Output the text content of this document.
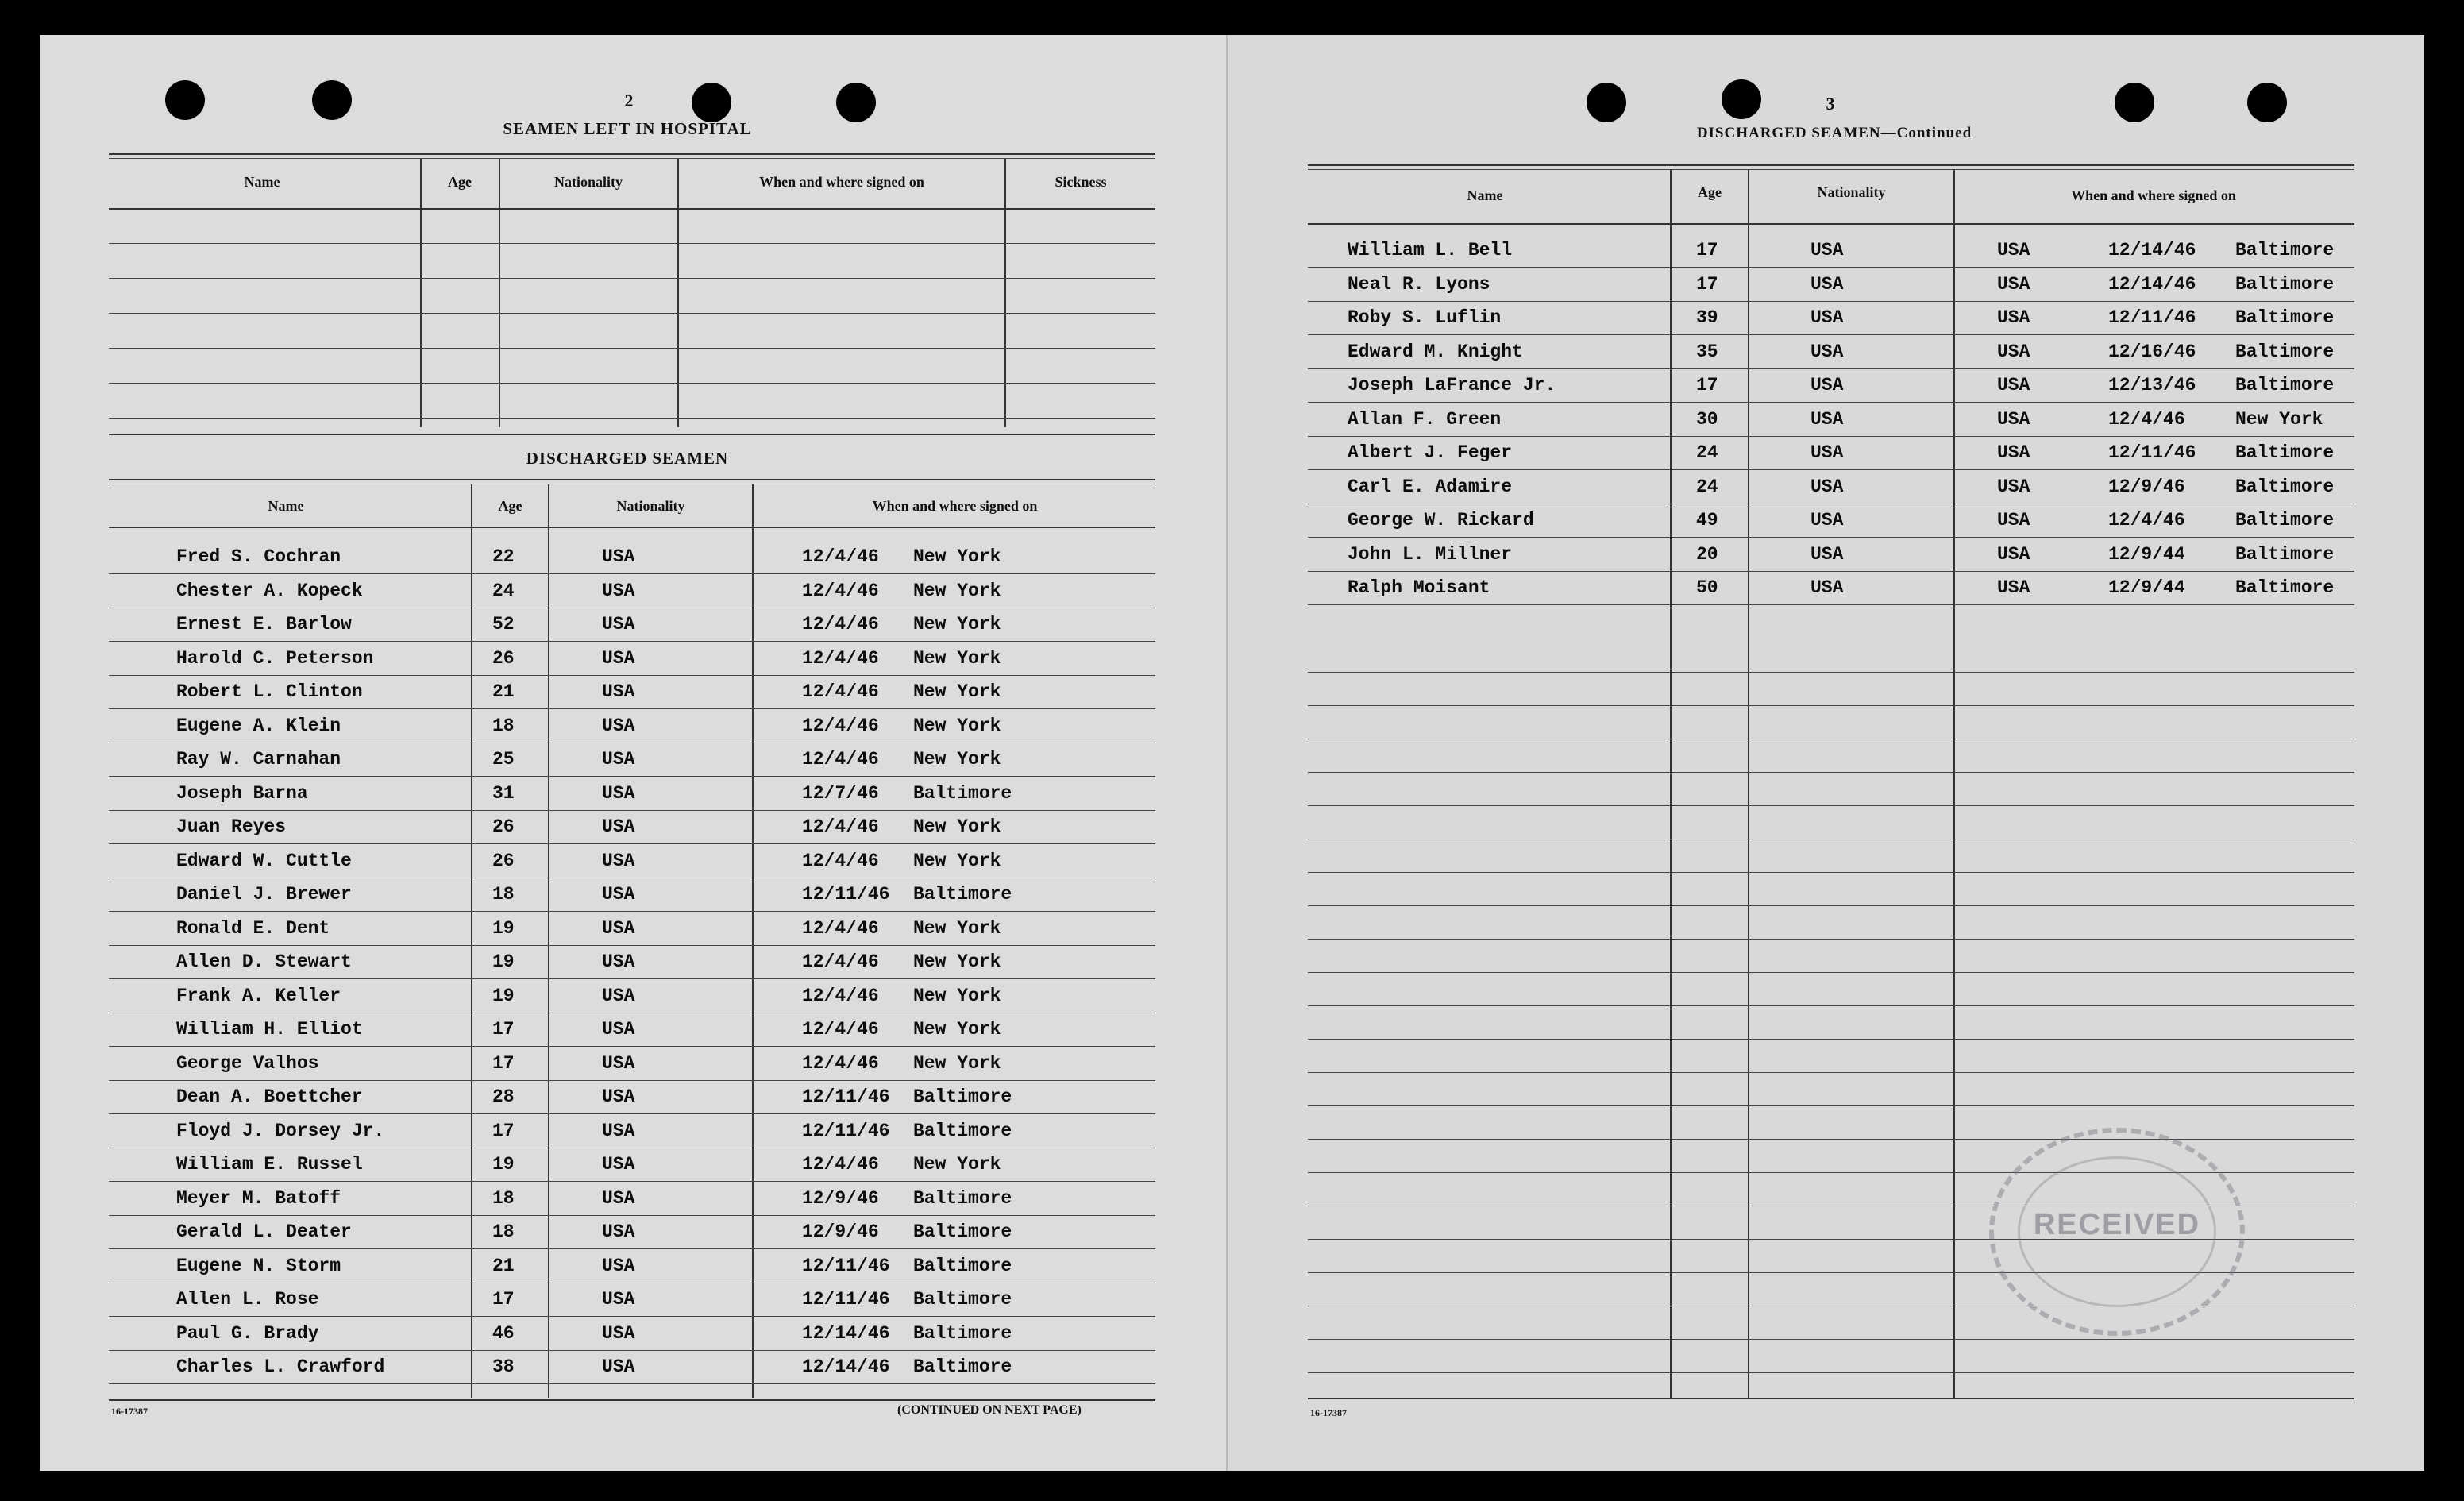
2
SEAMEN LEFT IN HOSPITAL
Name	Age	Nationality	When and where signed on	Sickness
DISCHARGED SEAMEN
Name	Age	Nationality	When and where signed on
Fred S. Cochran	22	USA	12/4/46 New York
Chester A. Kopeck	24	USA	12/4/46 New York
Ernest E. Barlow	52	USA	12/4/46 New York
Harold C. Peterson	26	USA	12/4/46 New York
Robert L. Clinton	21	USA	12/4/46 New York
Eugene A. Klein	18	USA	12/4/46 New York
Ray W. Carnahan	25	USA	12/4/46 New York
Joseph Barna	31	USA	12/7/46 Baltimore
Juan Reyes	26	USA	12/4/46 New York
Edward W. Cuttle	26	USA	12/4/46 New York
Daniel J. Brewer	18	USA	12/11/46 Baltimore
Ronald E. Dent	19	USA	12/4/46 New York
Allen D. Stewart	19	USA	12/4/46 New York
Frank A. Keller	19	USA	12/4/46 New York
William H. Elliot	17	USA	12/4/46 New York
George Valhos	17	USA	12/4/46 New York
Dean A. Boettcher	28	USA	12/11/46 Baltimore
Floyd J. Dorsey Jr.	17	USA	12/11/46 Baltimore
William E. Russel	19	USA	12/4/46 New York
Meyer M. Batoff	18	USA	12/9/46 Baltimore
Gerald L. Deater	18	USA	12/9/46 Baltimore
Eugene N. Storm	21	USA	12/11/46 Baltimore
Allen L. Rose	17	USA	12/11/46 Baltimore
Paul G. Brady	46	USA	12/14/46 Baltimore
Charles L. Crawford	38	USA	12/14/46 Baltimore
16-17387	(CONTINUED ON NEXT PAGE)
3
DISCHARGED SEAMEN—Continued
Name	Age	Nationality	When and where signed on
William L. Bell	17	USA	USA	12/14/46 Baltimore
Neal R. Lyons	17	USA	USA	12/14/46 Baltimore
Roby S. Luflin	39	USA	USA	12/11/46 Baltimore
Edward M. Knight	35	USA	USA	12/16/46 Baltimore
Joseph LaFrance Jr.	17	USA	USA	12/13/46 Baltimore
Allan F. Green	30	USA	USA	12/4/46	New York
Albert J. Feger	24	USA	USA	12/11/46 Baltimore
Carl E. Adamire	24	USA	USA	12/9/46	Baltimore
George W. Rickard	49	USA	USA	12/4/46	Baltimore
John L. Millner	20	USA	USA	12/9/44	Baltimore
Ralph Moisant	50	USA	USA	12/9/44	Baltimore
RECEIVED
16-17387
